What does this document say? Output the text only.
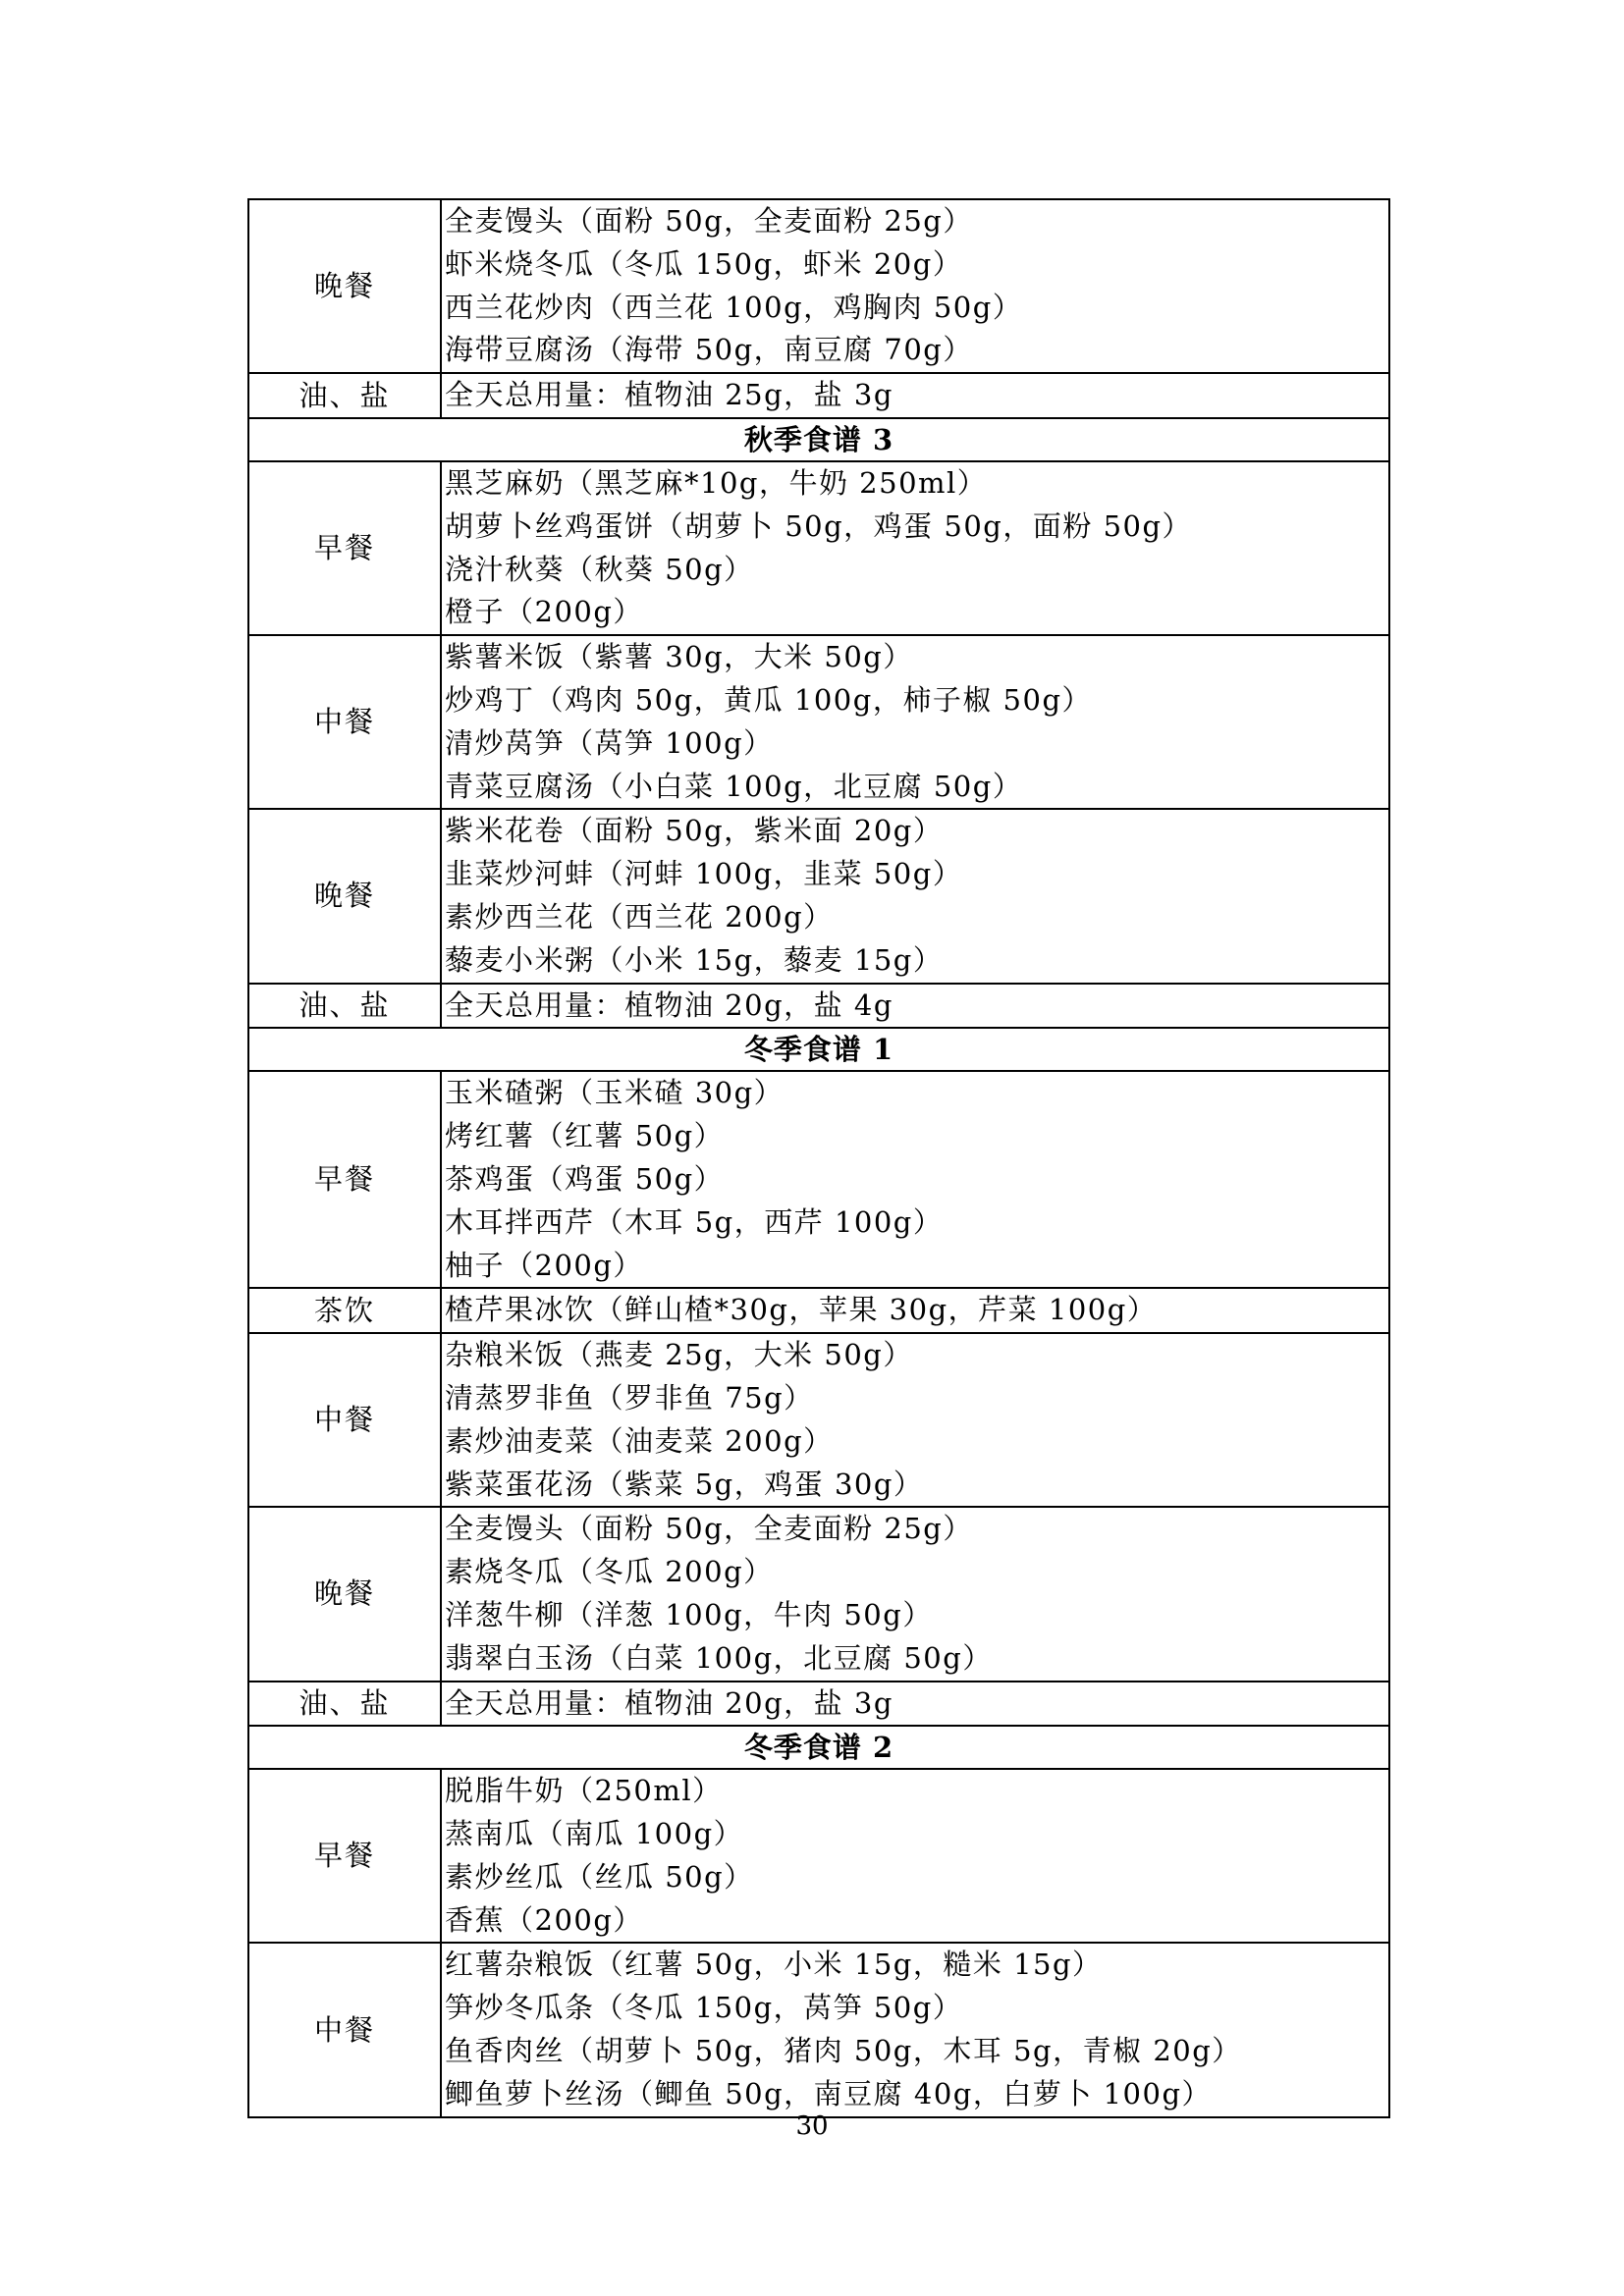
晚餐	全麦馒头（面粉 50g，全麦面粉 25g）
虾米烧冬瓜（冬瓜 150g，虾米 20g）
西兰花炒肉（西兰花 100g，鸡胸肉 50g）
海带豆腐汤（海带 50g，南豆腐 70g）

油、盐	全天总用量：植物油 25g，盐 3g

秋季食谱 3	
早餐	黑芝麻奶（黑芝麻*10g，牛奶 250ml）
胡萝卜丝鸡蛋饼（胡萝卜 50g，鸡蛋 50g，面粉 50g）
浇汁秋葵（秋葵 50g）
橙子（200g）

中餐	紫薯米饭（紫薯 30g，大米 50g）
炒鸡丁（鸡肉 50g，黄瓜 100g，柿子椒 50g）
清炒莴笋（莴笋 100g）
青菜豆腐汤（小白菜 100g，北豆腐 50g）

晚餐	紫米花卷（面粉 50g，紫米面 20g）
韭菜炒河蚌（河蚌 100g，韭菜 50g）
素炒西兰花（西兰花 200g）
藜麦小米粥（小米 15g，藜麦 15g）

油、盐	全天总用量：植物油 20g，盐 4g

冬季食谱 1	
早餐	玉米碴粥（玉米碴 30g）
烤红薯（红薯 50g）
茶鸡蛋（鸡蛋 50g）
木耳拌西芹（木耳 5g，西芹 100g）
柚子（200g）

茶饮	楂芹果冰饮（鲜山楂*30g，苹果 30g，芹菜 100g）

中餐	杂粮米饭（燕麦 25g，大米 50g）
清蒸罗非鱼（罗非鱼 75g）
素炒油麦菜（油麦菜 200g）
紫菜蛋花汤（紫菜 5g，鸡蛋 30g）

晚餐	全麦馒头（面粉 50g，全麦面粉 25g）
素烧冬瓜（冬瓜 200g）
洋葱牛柳（洋葱 100g，牛肉 50g）
翡翠白玉汤（白菜 100g，北豆腐 50g）

油、盐	全天总用量：植物油 20g，盐 3g

冬季食谱 2	
早餐	脱脂牛奶（250ml）
蒸南瓜（南瓜 100g）
素炒丝瓜（丝瓜 50g）
香蕉（200g）

中餐	红薯杂粮饭（红薯 50g，小米 15g，糙米 15g）
笋炒冬瓜条（冬瓜 150g，莴笋 50g）
鱼香肉丝（胡萝卜 50g，猪肉 50g，木耳 5g，青椒 20g）
鲫鱼萝卜丝汤（鲫鱼 50g，南豆腐 40g，白萝卜 100g）
30
